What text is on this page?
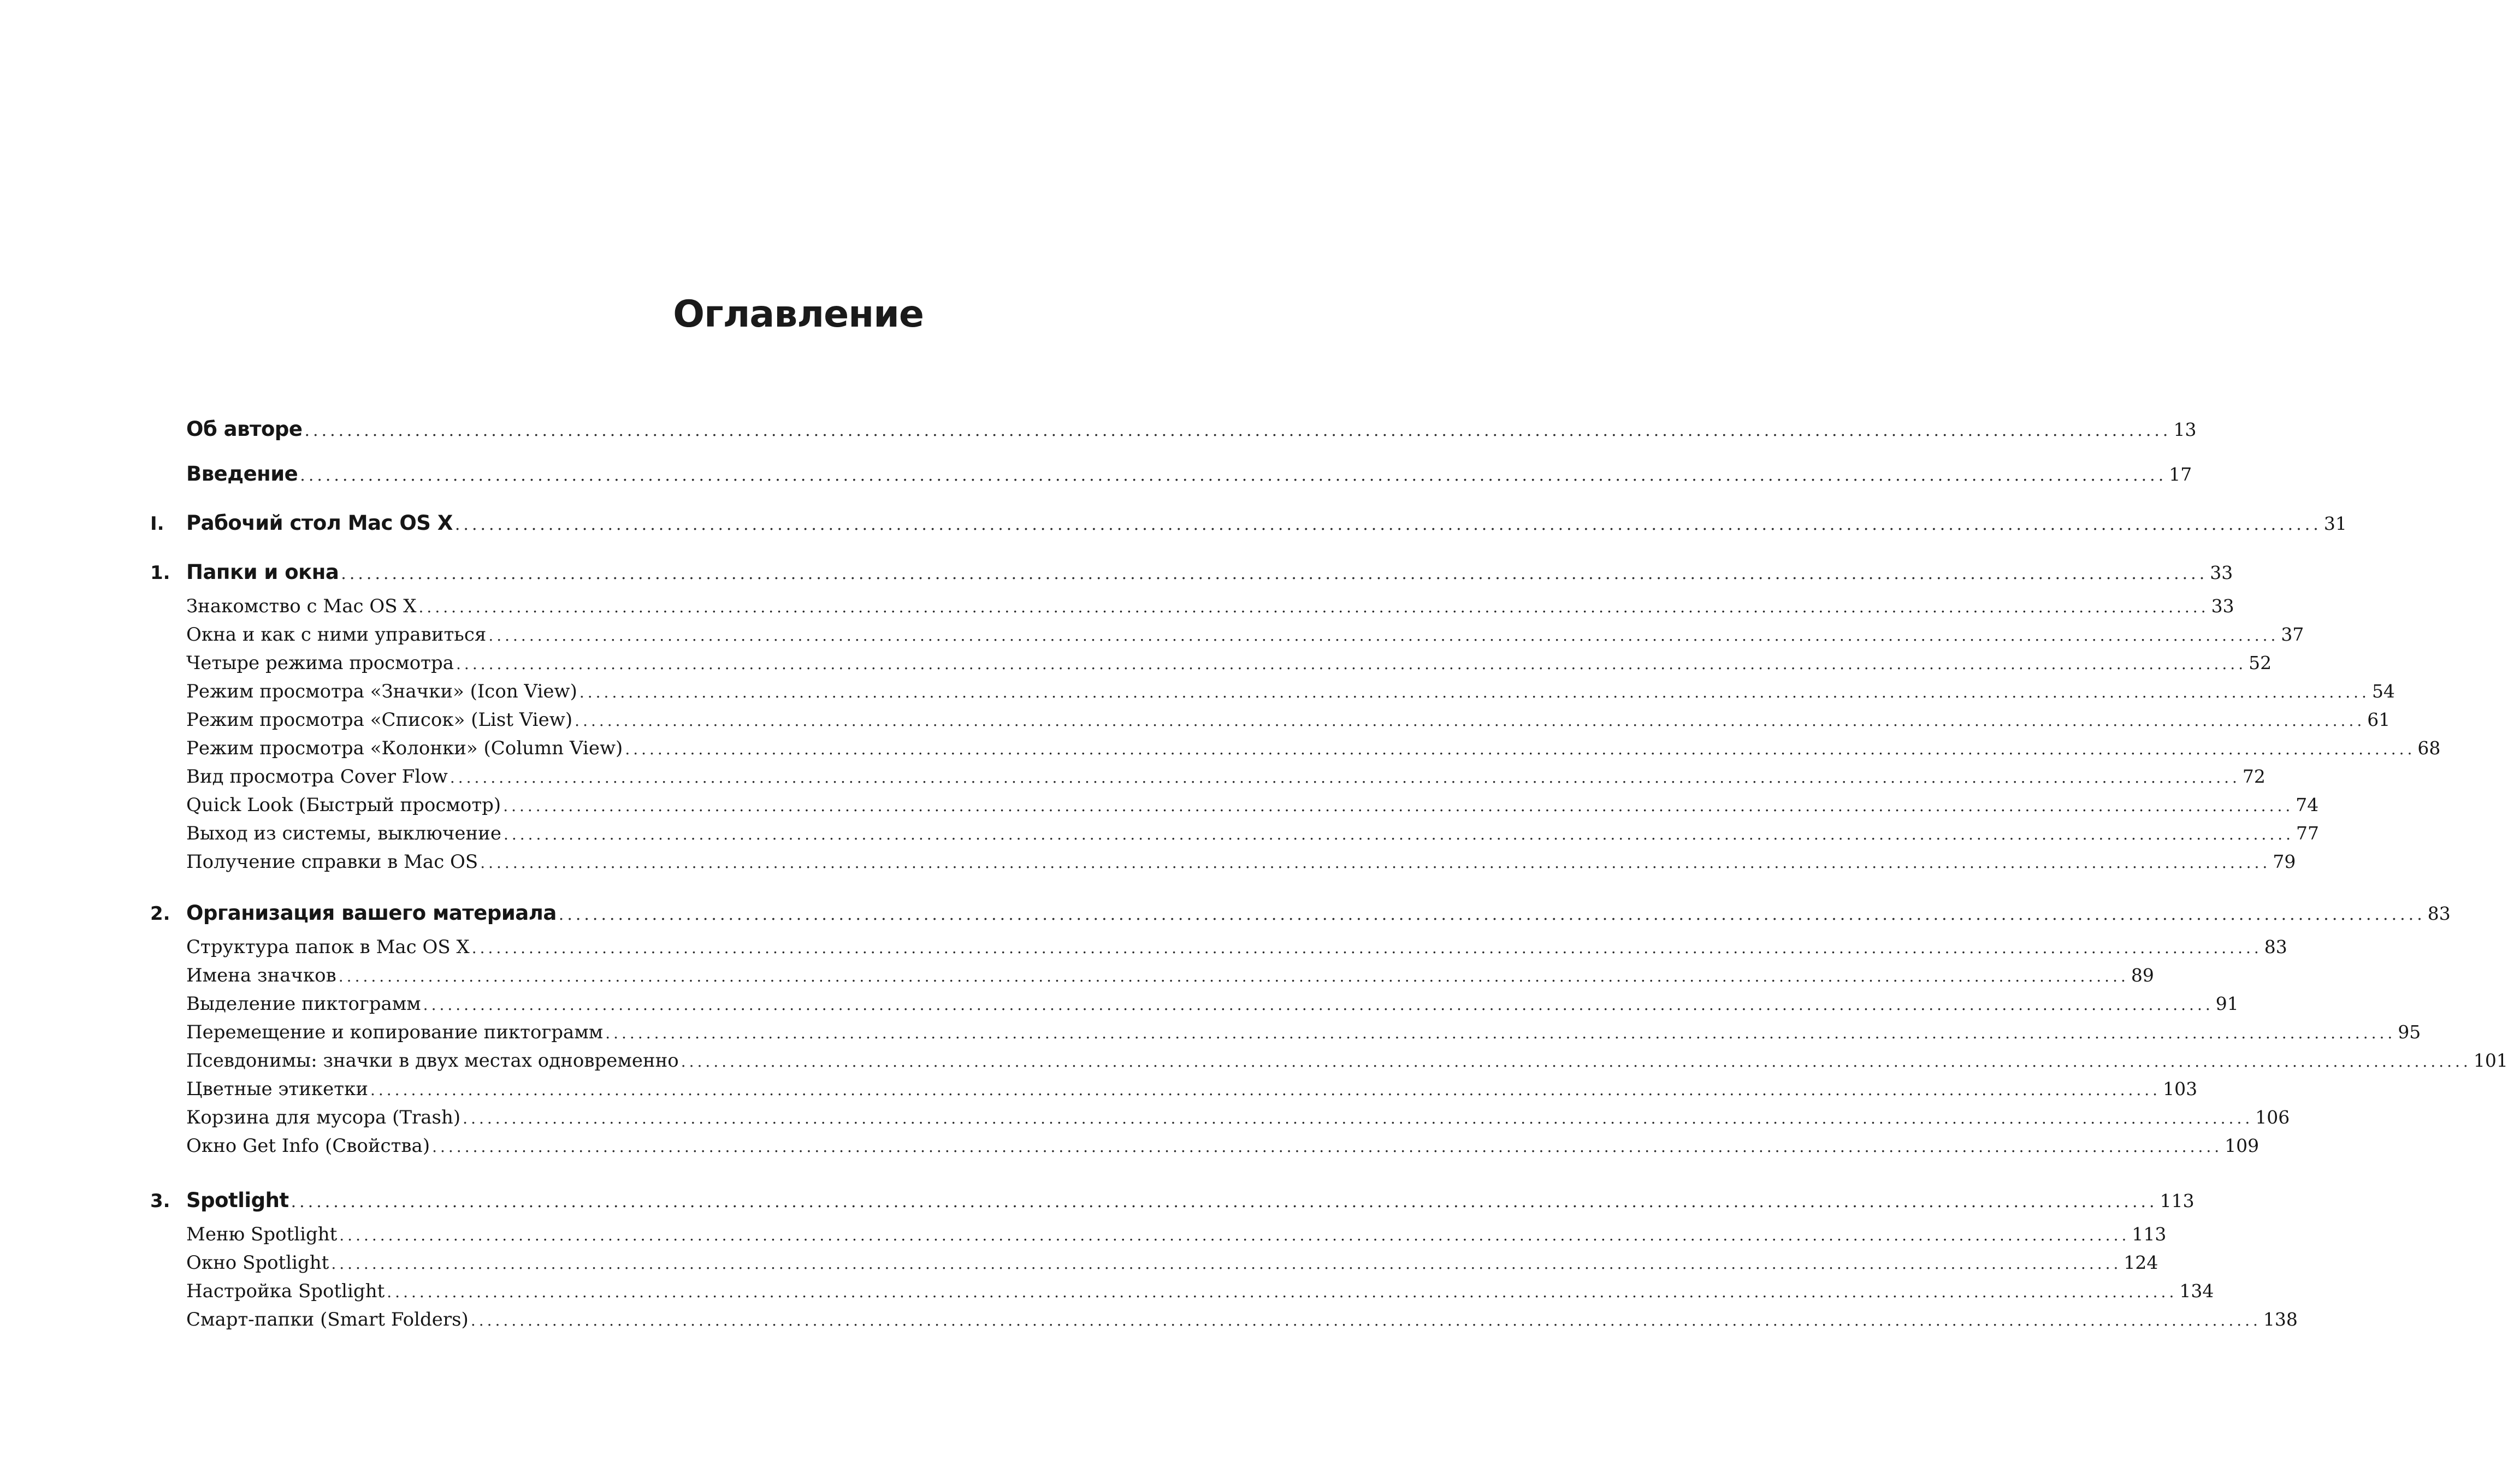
Оглавление
Об авторе ............................................................................................................................................................................................................................ 13
Введение ............................................................................................................................................................................................................................ 17
I.	Рабочий стол Mac OS X ............................................................................................................................................................................................................................ 31
1. Папки и окна ............................................................................................................................................................................................................................ 33
Знакомство с Mac OS X ............................................................................................................................................................................................................................ 33
Окна и как с ними управиться ............................................................................................................................................................................................................................ 37
Четыре режима просмотра ............................................................................................................................................................................................................................ 52
Режим просмотра «Значки» (Icon View) ............................................................................................................................................................................................................................ 54
Режим просмотра «Список» (List View) ............................................................................................................................................................................................................................ 61
Режим просмотра «Колонки» (Column View) ............................................................................................................................................................................................................................ 68
Вид просмотра Cover Flow ............................................................................................................................................................................................................................ 72
Quick Look (Быстрый просмотр) ............................................................................................................................................................................................................................ 74
Выход из системы, выключение ............................................................................................................................................................................................................................ 77
Получение справки в Mac OS ............................................................................................................................................................................................................................ 79
2. Организация вашего материала ............................................................................................................................................................................................................................ 83
Структура папок в Mac OS X ............................................................................................................................................................................................................................ 83
Имена значков ............................................................................................................................................................................................................................ 89
Выделение пиктограмм ............................................................................................................................................................................................................................ 91
Перемещение и копирование пиктограмм ............................................................................................................................................................................................................................ 95
Псевдонимы: значки в двух местах одновременно ............................................................................................................................................................................................................................ 101
Цветные этикетки ............................................................................................................................................................................................................................ 103
Корзина для мусора (Trash) ............................................................................................................................................................................................................................ 106
Окно Get Info (Свойства) ............................................................................................................................................................................................................................ 109
3. Spotlight ............................................................................................................................................................................................................................ 113
Меню Spotlight ............................................................................................................................................................................................................................ 113
Окно Spotlight ............................................................................................................................................................................................................................ 124
Настройка Spotlight ............................................................................................................................................................................................................................ 134
Смарт-папки (Smart Folders) ............................................................................................................................................................................................................................ 138
